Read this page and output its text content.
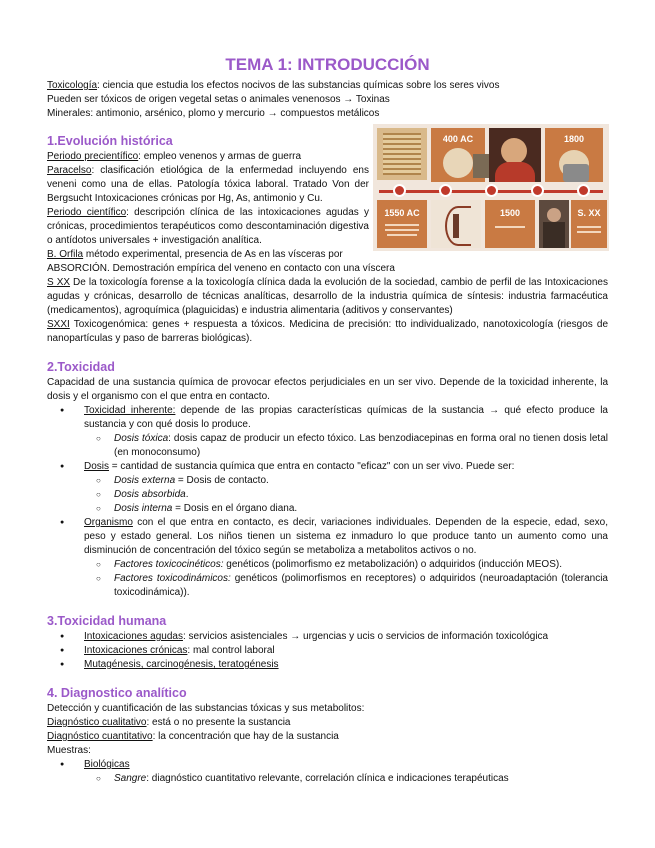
TEMA 1: INTRODUCCIÓN

Toxicología: ciencia que estudia los efectos nocivos de las substancias químicas sobre los seres vivos

Pueden ser tóxicos de origen vegetal setas o animales venenosos → Toxinas

Minerales: antimonio, arsénico, plomo y mercurio → compuestos metálicos

1.Evolución histórica

Periodo precientífico: empleo venenos y armas de guerra

Paracelso: clasificación etiológica de la enfermedad incluyendo ens veneni como una de ellas. Patología tóxica laboral. Tratado Von der Bergsucht Intoxicaciones crónicas por Hg, As, antimonio y Cu.

Periodo científico: descripción clínica de las intoxicaciones agudas y crónicas, procedimientos terapéuticos como descontaminación digestiva o antídotos universales + investigación analítica.

B. Orfila método experimental, presencia de As en las vísceras por

ABSORCIÓN. Demostración empírica del veneno en contacto con una víscera

S XX De la toxicología forense a la toxicología clínica dada la evolución de la sociedad, cambio de perfil de las Intoxicaciones agudas y crónicas, desarrollo de técnicas analíticas, desarrollo de la industria química de síntesis: industria farmacéutica (medicamentos), agroquímica (plaguicidas) e industria alimentaria (aditivos y conservantes)

SXXI Toxicogenómica: genes + respuesta a tóxicos. Medicina de precisión: tto individualizado, nanotoxicología (riesgos de nanopartículas y paso de barreras biológicas).

2.Toxicidad

Capacidad de una sustancia química de provocar efectos perjudiciales en un ser vivo. Depende de la toxicidad inherente, la dosis y el organismo con el que entra en contacto.

● Toxicidad inherente: depende de las propias características químicas de la sustancia → qué efecto produce la sustancia y con qué dosis lo produce.
○ Dosis tóxica: dosis capaz de producir un efecto tóxico. Las benzodiacepinas en forma oral no tienen dosis letal (en monoconsumo)
● Dosis = cantidad de sustancia química que entra en contacto "eficaz" con un ser vivo. Puede ser:
○ Dosis externa = Dosis de contacto.
○ Dosis absorbida.
○ Dosis interna = Dosis en el órgano diana.
● Organismo con el que entra en contacto, es decir, variaciones individuales. Dependen de la especie, edad, sexo, peso y estado general. Los niños tienen un sistema ez inmaduro lo que produce tanto un aumento como una disminución de concentración del tóxico según se metaboliza a metabolitos activos o no.
○ Factores toxicocinéticos: genéticos (polimorfismo ez metabolización) o adquiridos (inducción MEOS).
○ Factores toxicodinámicos: genéticos (polimorfismos en receptores) o adquiridos (neuroadaptación (tolerancia toxicodinámica)).
3.Toxicidad humana
● Intoxicaciones agudas: servicios asistenciales → urgencias y ucis o servicios de información toxicológica
● Intoxicaciones crónicas: mal control laboral
● Mutagénesis, carcinogénesis, teratogénesis
4. Diagnostico analítico

Detección y cuantificación de las substancias tóxicas y sus metabolitos:

Diagnóstico cualitativo: está o no presente la sustancia

Diagnóstico cuantitativo: la concentración que hay de la sustancia

Muestras:

● Biológicas
○ Sangre: diagnóstico cuantitativo relevante, correlación clínica e indicaciones terapéuticas
400 AC	1800
1550 AC	1500	S. XX
